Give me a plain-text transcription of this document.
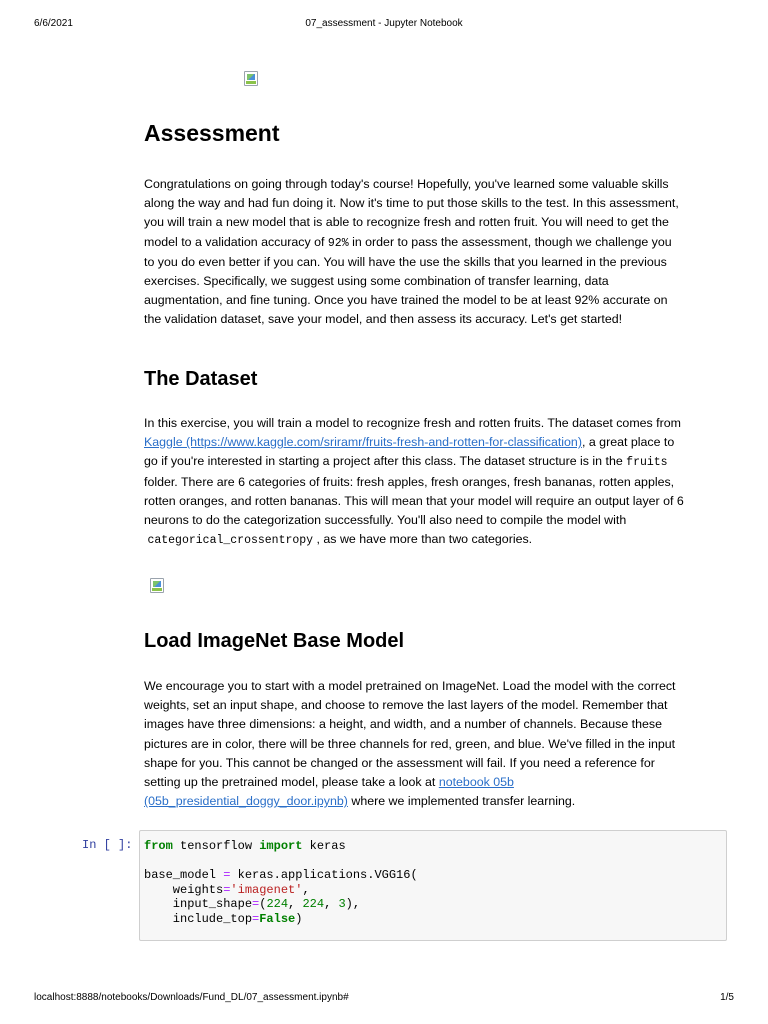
6/6/2021	07_assessment - Jupyter Notebook
Assessment
Congratulations on going through today's course! Hopefully, you've learned some valuable skills
along the way and had fun doing it. Now it's time to put those skills to the test. In this assessment,
you will train a new model that is able to recognize fresh and rotten fruit. You will need to get the
model to a validation accuracy of 92% in order to pass the assessment, though we challenge you
to you do even better if you can. You will have the use the skills that you learned in the previous
exercises. Specifically, we suggest using some combination of transfer learning, data
augmentation, and fine tuning. Once you have trained the model to be at least 92% accurate on
the validation dataset, save your model, and then assess its accuracy. Let's get started!
The Dataset
In this exercise, you will train a model to recognize fresh and rotten fruits. The dataset comes from
Kaggle (https://www.kaggle.com/sriramr/fruits-fresh-and-rotten-for-classification), a great place to
go if you're interested in starting a project after this class. The dataset structure is in the fruits
folder. There are 6 categories of fruits: fresh apples, fresh oranges, fresh bananas, rotten apples,
rotten oranges, and rotten bananas. This will mean that your model will require an output layer of 6
neurons to do the categorization successfully. You'll also need to compile the model with
categorical_crossentropy , as we have more than two categories.
Load ImageNet Base Model
We encourage you to start with a model pretrained on ImageNet. Load the model with the correct
weights, set an input shape, and choose to remove the last layers of the model. Remember that
images have three dimensions: a height, and width, and a number of channels. Because these
pictures are in color, there will be three channels for red, green, and blue. We've filled in the input
shape for you. This cannot be changed or the assessment will fail. If you need a reference for
setting up the pretrained model, please take a look at notebook 05b
(05b_presidential_doggy_door.ipynb) where we implemented transfer learning.
In [ ]: from tensorflow import keras

base_model = keras.applications.VGG16(
weights='imagenet',
input_shape=(224, 224, 3),
include_top=False)
localhost:8888/notebooks/Downloads/Fund_DL/07_assessment.ipynb#	1/5
